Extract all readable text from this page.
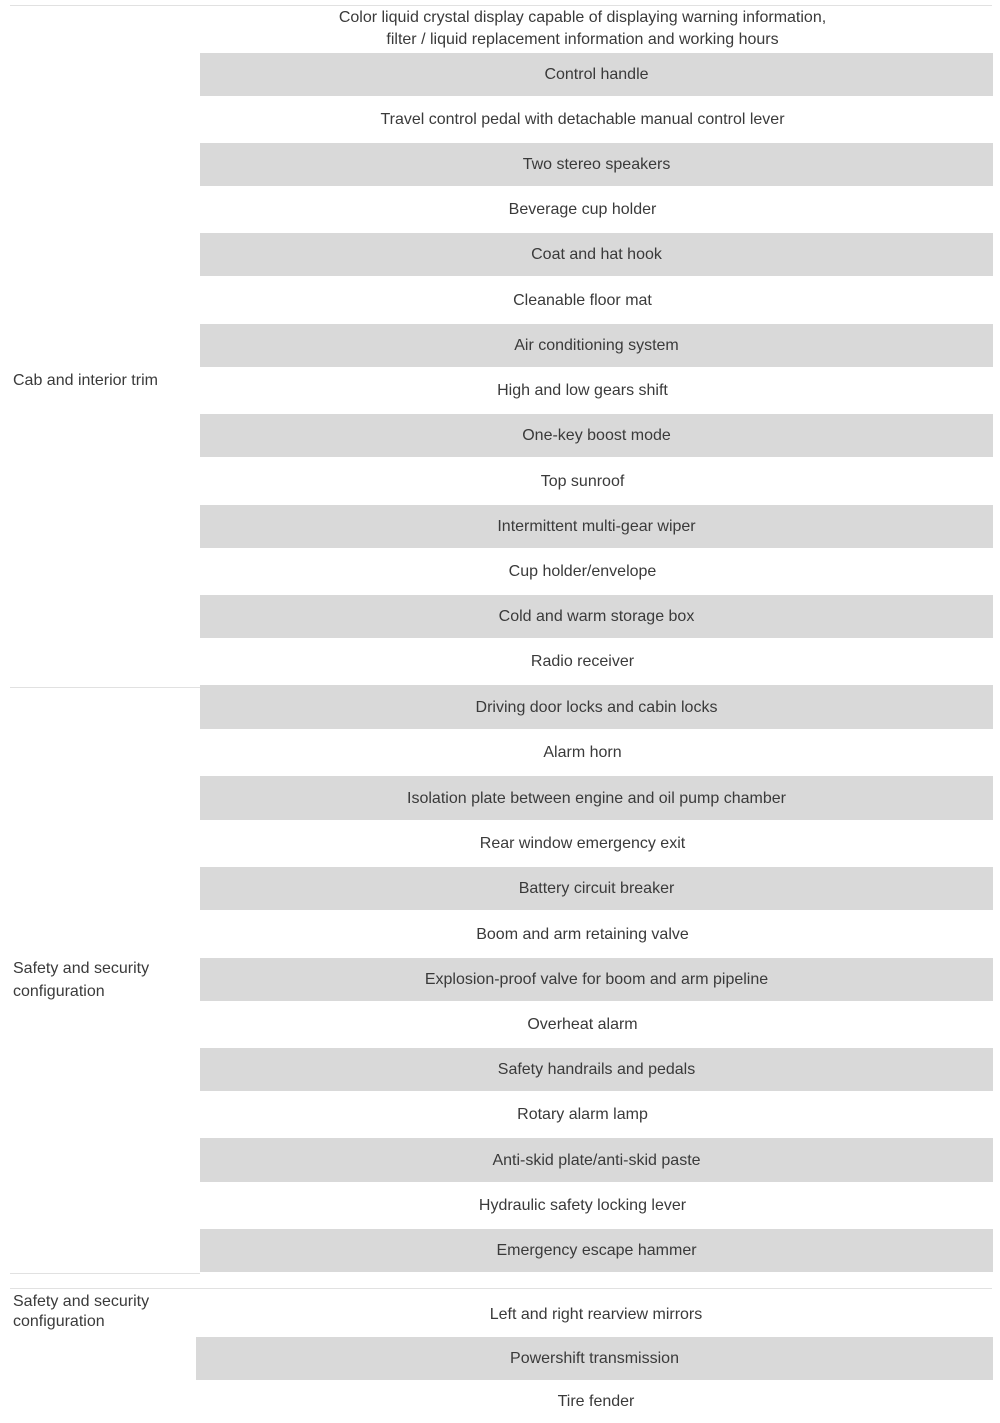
Cab and interior trim
Color liquid crystal display capable of displaying warning information,
filter / liquid replacement information and working hours
Control handle
Travel control pedal with detachable manual control lever
Two stereo speakers
Beverage cup holder
Coat and hat hook
Cleanable floor mat
Air conditioning system
High and low gears shift
One-key boost mode
Top sunroof
Intermittent multi-gear wiper
Cup holder/envelope
Cold and warm storage box
Radio receiver
Safety and security configuration
Driving door locks and cabin locks
Alarm horn
Isolation plate between engine and oil pump chamber
Rear window emergency exit
Battery circuit breaker
Boom and arm retaining valve
Explosion-proof valve for boom and arm pipeline
Overheat alarm
Safety handrails and pedals
Rotary alarm lamp
Anti-skid plate/anti-skid paste
Hydraulic safety locking lever
Emergency escape hammer
Safety and security configuration	Left and right rearview mirrors
Powershift transmission
Tire fender
